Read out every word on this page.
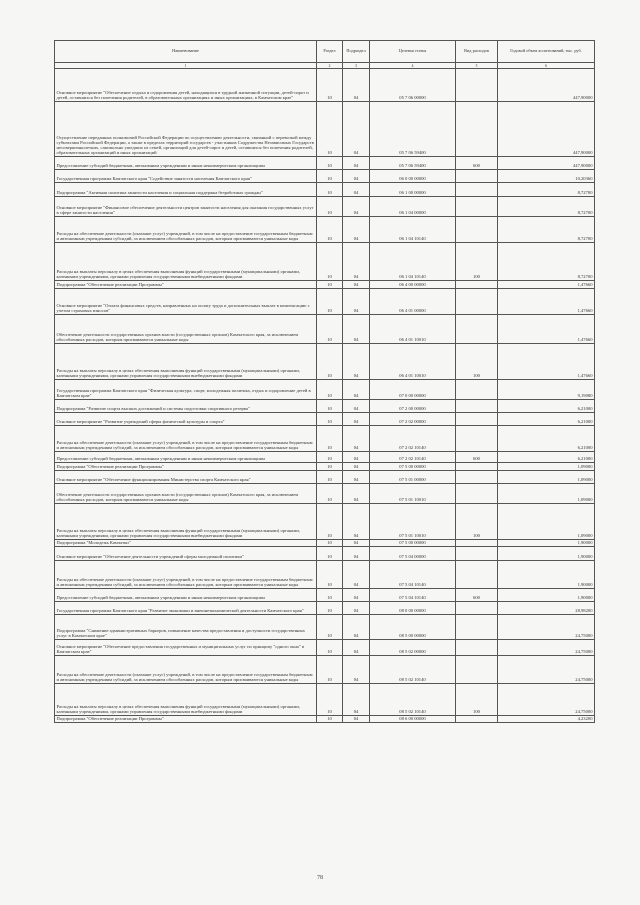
Наименование	Раздел	Подраздел	Целевая статья	Вид расходов	Годовой объем ассигнований, тыс. руб.
1	2	3	4	5	6
Основное мероприятие "Обеспечение отдыха и оздоровления детей, находящихся в трудной жизненной ситуации, детей-сирот и детей, оставшихся без попечения родителей, в образовательных организациях и иных организациях, в Камчатском крае"	10	04	05 7 06 00000		447,90000
Осуществление переданных полномочий Российской Федерации по осуществлению деятельности, связанной с перевозкой между субъектами Российской Федерации, а также в пределах территорий государств - участников Содружества Независимых Государств несовершеннолетних, самовольно ушедших из семей, организаций для детей-сирот и детей, оставшихся без попечения родителей, образовательных организаций и иных организаций	10	04	05 7 06 59400		447,90000
Предоставление субсидий бюджетным, автономным учреждениям и иным некоммерческим организациям	10	04	05 7 06 59400	600	447,90000
Государственная программа Камчатского края "Содействие занятости населения Камчатского края"	10	04	06 0 00 00000		10,20360
Подпрограмма "Активная политика занятости населения и социальная поддержка безработных граждан"	10	04	06 1 00 00000		8,72700
Основное мероприятие "Финансовое обеспечение деятельности центров занятости населения для оказания государственных услуг в сфере занятости населения"	10	04	06 1 04 00000		8,72700
Расходы на обеспечение деятельности (оказание услуг) учреждений, в том числе на предоставление государственным бюджетным и автономным учреждениям субсидий, за исключением обособленных расходов, которым присваиваются уникальные коды	10	04	06 1 04 10140		8,72700
Расходы на выплаты персоналу в целях обеспечения выполнения функций государственными (муниципальными) органами, казенными учреждениями, органами управления государственными внебюджетными фондами	10	04	06 1 04 10140	100	8,72700
Подпрограмма "Обеспечение реализации Программы"	10	04	06 4 00 00000		1,47660
Основное мероприятие "Оплата финансовых средств, направленных на оплату труда и дополнительных выплат в компенсацию с учетом страховых взносов"	10	04	06 4 01 00000		1,47660
Обеспечение деятельности государственных органов власти (государственных органов) Камчатского края, за исключением обособленных расходов, которым присваиваются уникальные коды	10	04	06 4 01 10010		1,47660
Расходы на выплаты персоналу в целях обеспечения выполнения функций государственными (муниципальными) органами, казенными учреждениями, органами управления государственными внебюджетными фондами	10	04	06 4 01 10010	100	1,47660
Государственная программа Камчатского края "Физическая культура, спорт, молодежная политика, отдых и оздоровление детей в Камчатском крае"	10	04	07 0 00 00000		9,19080
Подпрограмма "Развитие спорта высших достижений и системы подготовки спортивного резерва"	10	04	07 2 00 00000		6,21000
Основное мероприятие "Развитие учреждений сферы физической культуры и спорта"	10	04	07 2 02 00000		6,21000
Расходы на обеспечение деятельности (оказание услуг) учреждений, в том числе на предоставление государственным бюджетным и автономным учреждениям субсидий, за исключением обособленных расходов, которым присваиваются уникальные коды	10	04	07 2 02 10140		6,21000
Предоставление субсидий бюджетным, автономным учреждениям и иным некоммерческим организациям	10	04	07 2 02 10140	600	6,21000
Подпрограмма "Обеспечение реализации Программы"	10	04	07 5 00 00000		1,09000
Основное мероприятие "Обеспечение функционирования Министерства спорта Камчатского края"	10	04	07 5 01 00000		1,09000
Обеспечение деятельности государственных органов власти (государственных органов) Камчатского края, за исключением обособленных расходов, которым присваиваются уникальные коды	10	04	07 5 01 10010		1,09000
Расходы на выплаты персоналу в целях обеспечения выполнения функций государственными (муниципальными) органами, казенными учреждениями, органами управления государственными внебюджетными фондами	10	04	07 5 01 10010	100	1,09000
Подпрограмма "Молодежь Камчатки"	10	04	07 5 00 00000		1,90000
Основное мероприятие "Обеспечение деятельности учреждений сферы молодежной политики"	10	04	07 5 04 00000		1,90000
Расходы на обеспечение деятельности (оказание услуг) учреждений, в том числе на предоставление государственным бюджетным и автономным учреждениям субсидий, за исключением обособленных расходов, которым присваиваются уникальные коды	10	04	07 5 04 10140		1,90000
Предоставление субсидий бюджетным, автономным учреждениям и иным некоммерческим организациям	10	04	07 5 04 10140	600	1,90000
Государственная программа Камчатского края "Развитие экономики и внешнеэкономической деятельности Камчатского края"	10	04	08 0 00 00000		28,98200
Подпрограмма "Снижение административных барьеров, повышение качества предоставления и доступности государственных услуг в Камчатском крае"	10	04	08 5 00 00000		24,75000
Основное мероприятие "Обеспечение предоставления государственных и муниципальных услуг по принципу "одного окна" в Камчатском крае"	10	04	08 5 02 00000		24,75000
Расходы на обеспечение деятельности (оказание услуг) учреждений, в том числе на предоставление государственным бюджетным и автономным учреждениям субсидий, за исключением обособленных расходов, которым присваиваются уникальные коды	10	04	08 5 02 10140		24,75000
Расходы на выплаты персоналу в целях обеспечения выполнения функций государственными (муниципальными) органами, казенными учреждениями, органами управления государственными внебюджетными фондами	10	04	08 5 02 10140	100	24,75000
Подпрограмма "Обеспечение реализации Программы"	10	04	08 6 00 00000		4,23200
78
